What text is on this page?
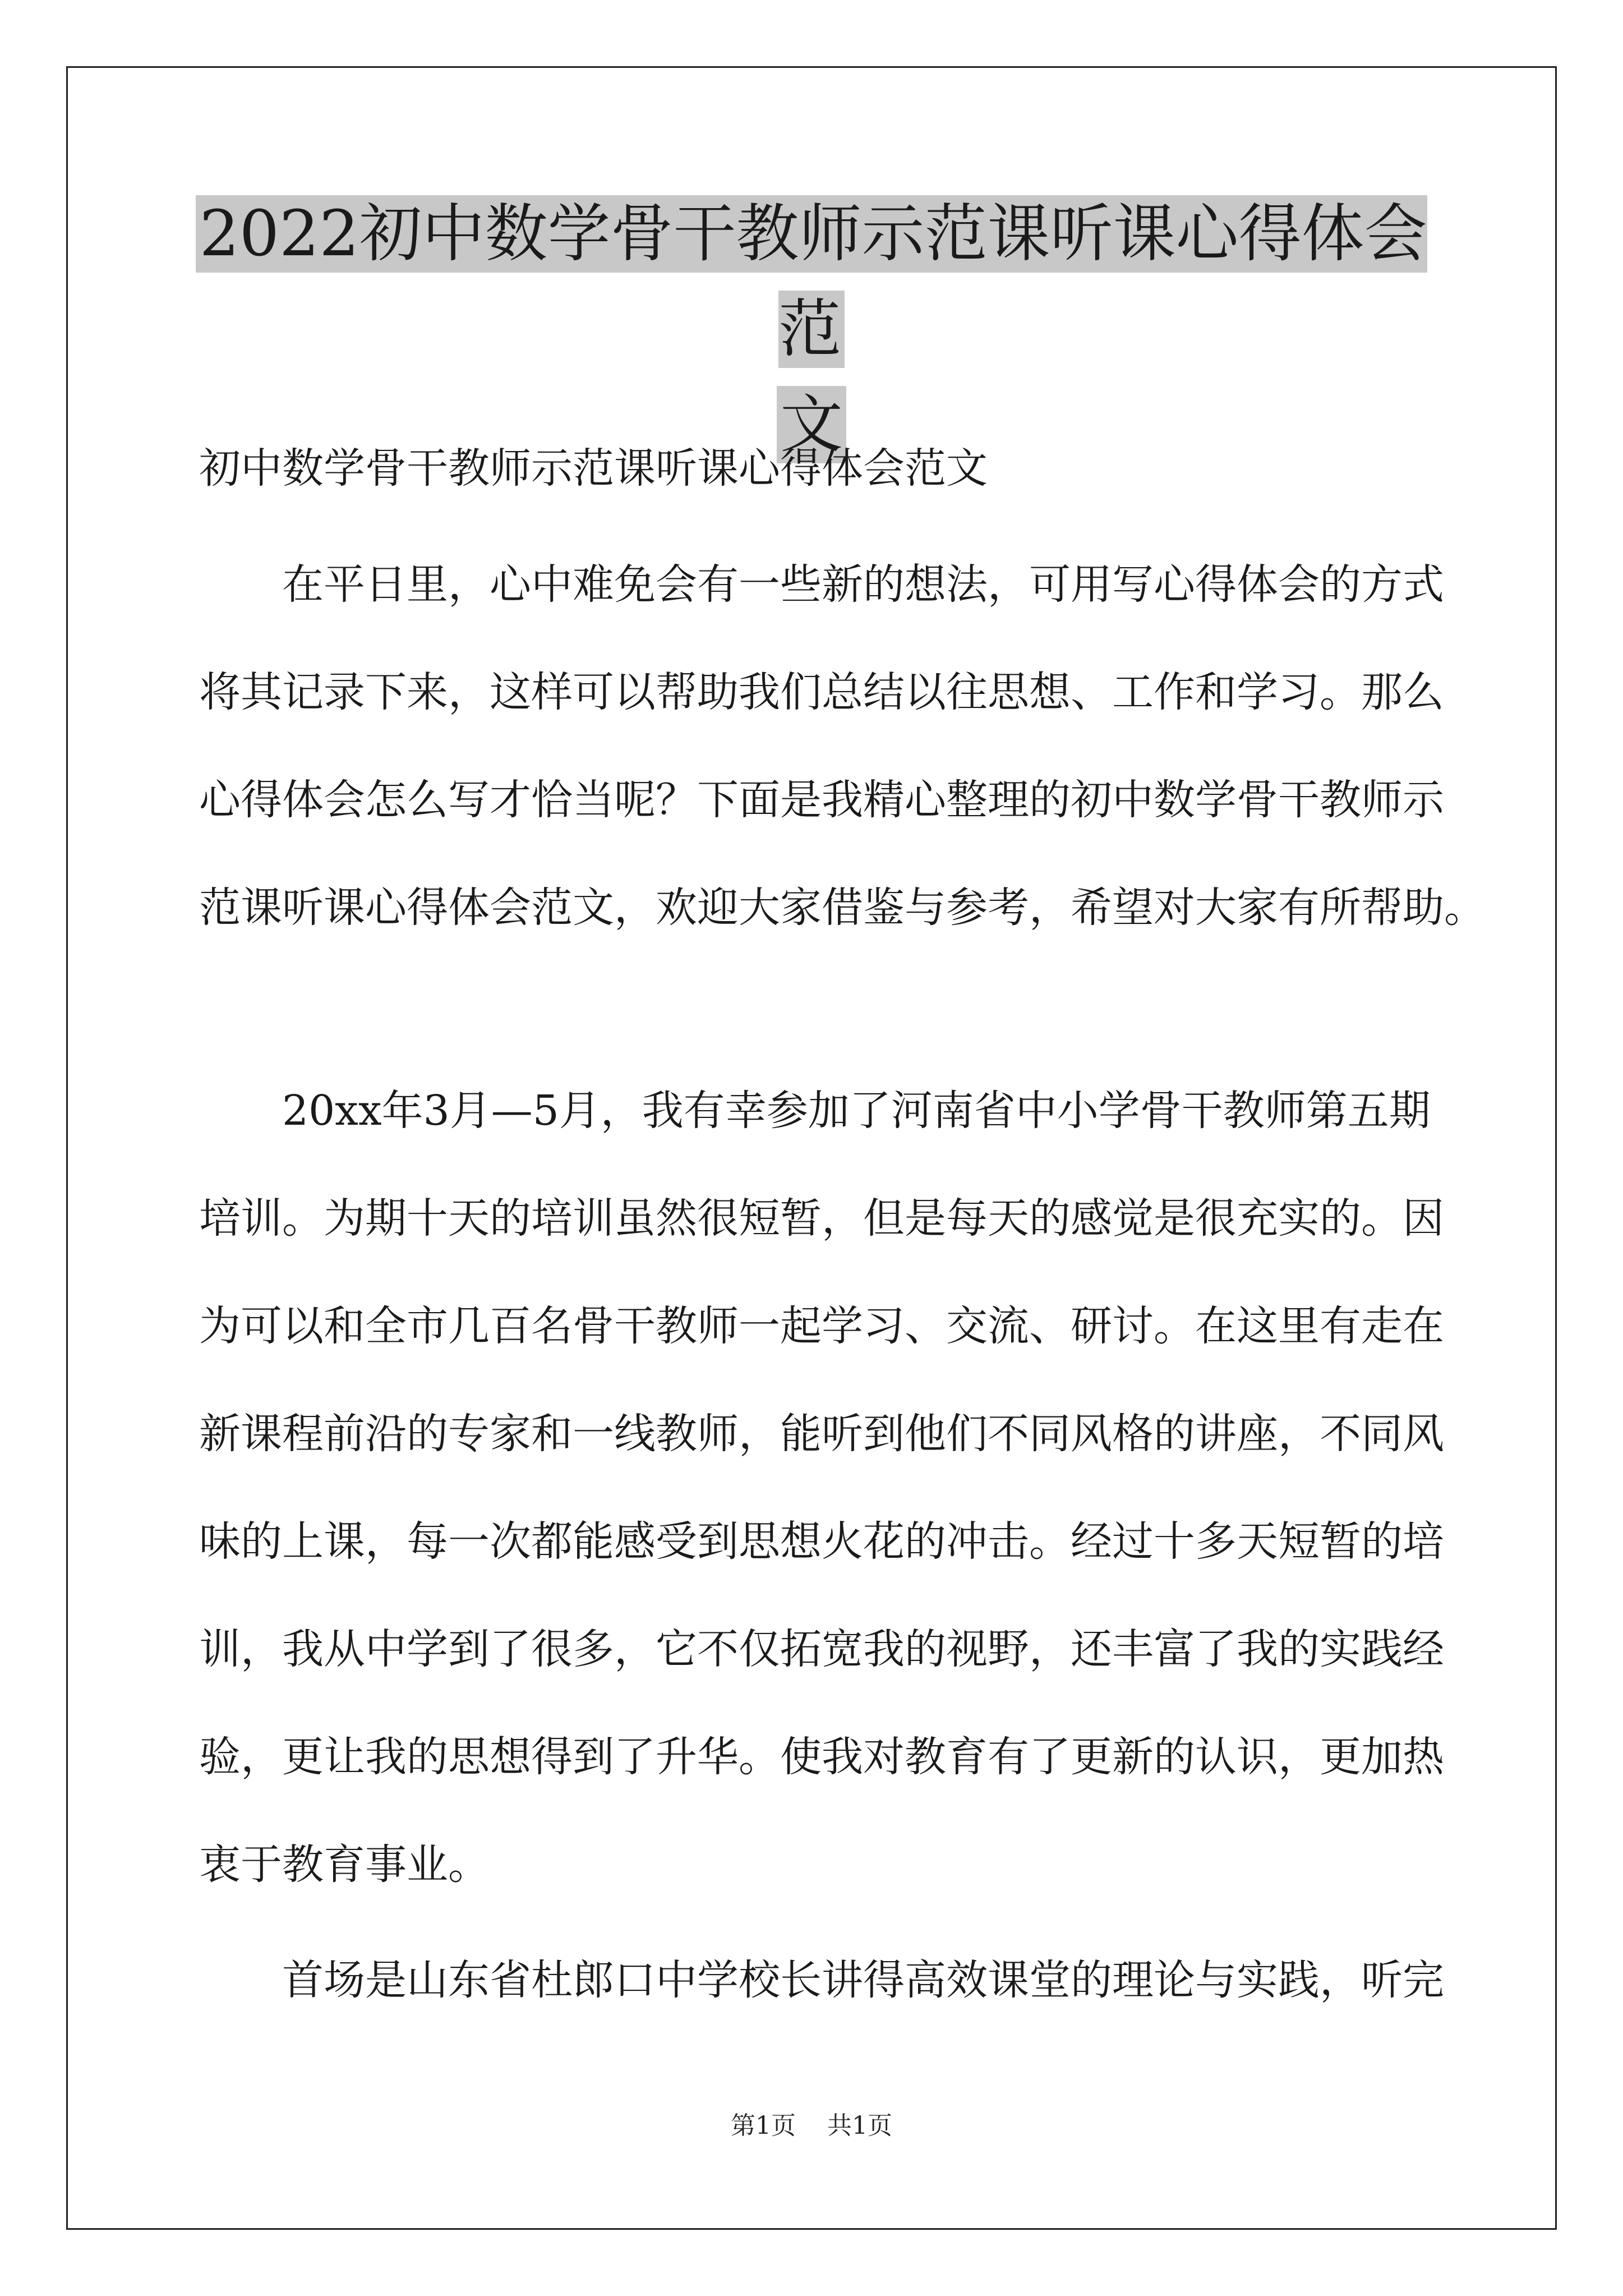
2022初中数学骨干教师示范课听课心得体会范
文
初中数学骨干教师示范课听课心得体会范文

在平日里，心中难免会有一些新的想法，可用写心得体会的方式
将其记录下来，这样可以帮助我们总结以往思想、工作和学习。那么
心得体会怎么写才恰当呢？下面是我精心整理的初中数学骨干教师示
范课听课心得体会范文，欢迎大家借鉴与参考，希望对大家有所帮助。

20xx年3月—5月，我有幸参加了河南省中小学骨干教师第五期
培训。为期十天的培训虽然很短暂，但是每天的感觉是很充实的。因
为可以和全市几百名骨干教师一起学习、交流、研讨。在这里有走在
新课程前沿的专家和一线教师，能听到他们不同风格的讲座，不同风
味的上课，每一次都能感受到思想火花的冲击。经过十多天短暂的培
训，我从中学到了很多，它不仅拓宽我的视野，还丰富了我的实践经
验，更让我的思想得到了升华。使我对教育有了更新的认识，更加热
衷于教育事业。

首场是山东省杜郎口中学校长讲得高效课堂的理论与实践，听完

第1页 共1页
